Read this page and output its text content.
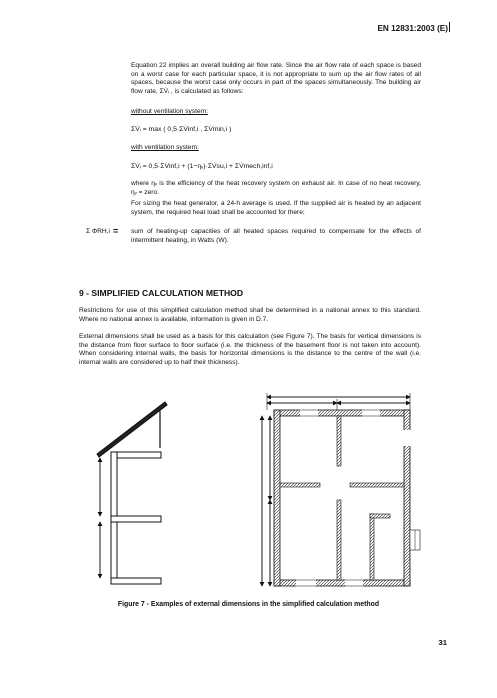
EN 12831:2003 (E)
Equation 22 implies an overall building air flow rate. Since the air flow rate of each space is based on a worst case for each particular space, it is not appropriate to sum up the air flow rates of all spaces, because the worst case only occurs in part of the spaces simultaneously. The building air flow rate, ΣV̇ᵢ , is calculated as follows:
without ventilation system:
ΣV̇ᵢ = max ( 0,5·ΣV̇inf,i , ΣV̇min,i )
with ventilation system:
ΣV̇ᵢ = 0,5·ΣV̇inf,i + (1−ηᵥ)·ΣV̇su,i + ΣV̇mech,inf,i
where ηᵥ is the efficiency of the heat recovery system on exhaust air. In case of no heat recovery, ηᵥ = zero.
For sizing the heat generator, a 24-h average is used. If the supplied air is heated by an adjacent system, the required heat load shall be accounted for there;
Σ ΦRH,i = sum of heating-up capacities of all heated spaces required to compensate for the effects of intermittent heating, in Watts (W).
9 - SIMPLIFIED CALCULATION METHOD
Restrictions for use of this simplified calculation method shall be determined in a national annex to this standard. Where no national annex is available, information is given in D.7.
External dimensions shall be used as a basis for this calculation (see Figure 7). The basis for vertical dimensions is the distance from floor surface to floor surface (i.e. the thickness of the basement floor is not taken into account). When considering internal walls, the basis for horizontal dimensions is the distance to the centre of the wall (i.e. internal walls are considered up to half their thickness).
Figure 7 - Examples of external dimensions in the simplified calculation method
31
